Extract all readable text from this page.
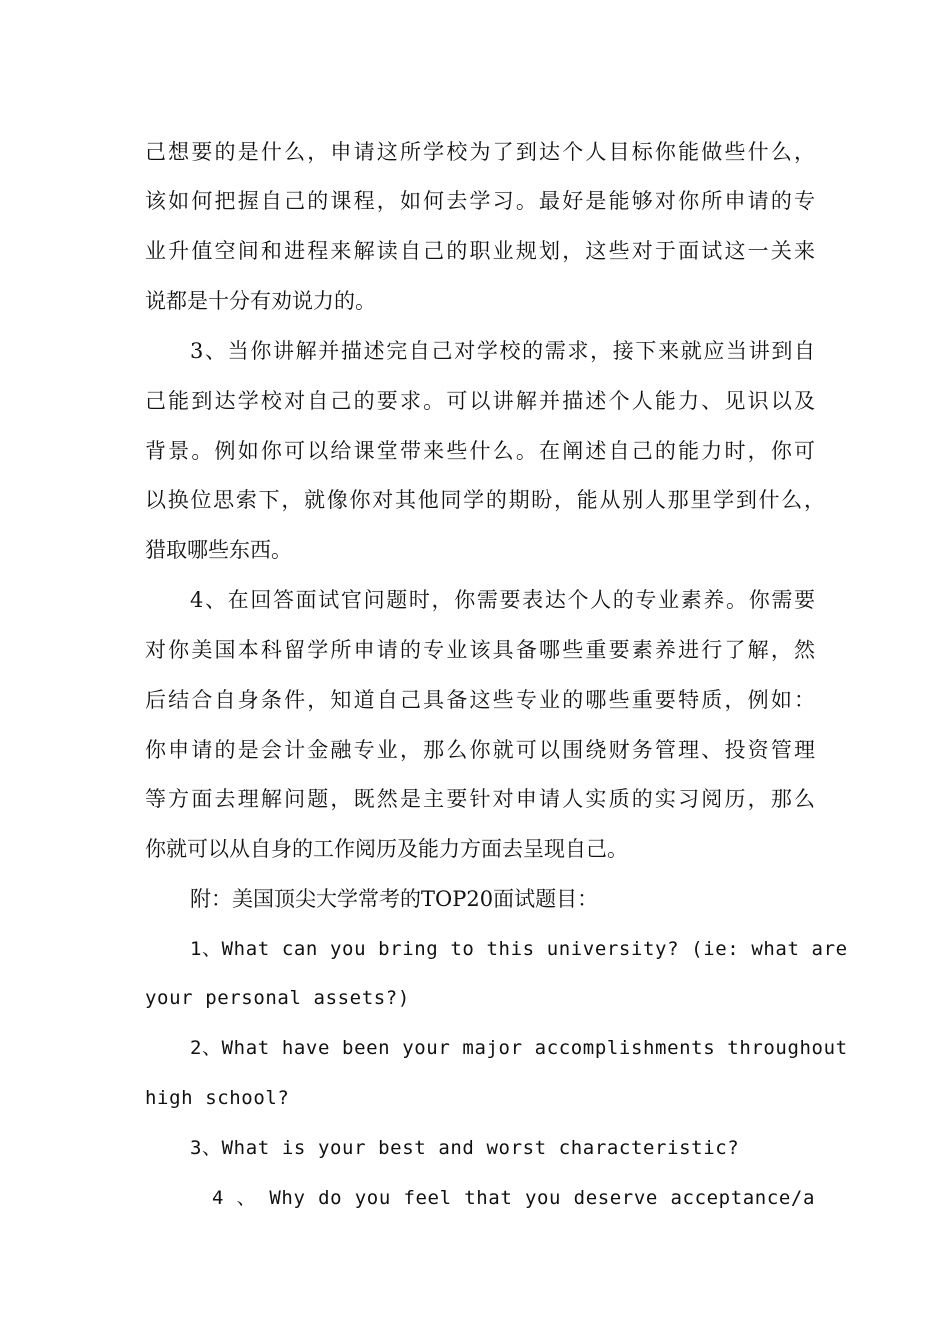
己想要的是什么，申请这所学校为了到达个人目标你能做些什么，
该如何把握自己的课程，如何去学习。最好是能够对你所申请的专
业升值空间和进程来解读自己的职业规划，这些对于面试这一关来
说都是十分有劝说力的。
3、当你讲解并描述完自己对学校的需求，接下来就应当讲到自
己能到达学校对自己的要求。可以讲解并描述个人能力、见识以及
背景。例如你可以给课堂带来些什么。在阐述自己的能力时，你可
以换位思索下，就像你对其他同学的期盼，能从别人那里学到什么，
猎取哪些东西。
4、在回答面试官问题时，你需要表达个人的专业素养。你需要
对你美国本科留学所申请的专业该具备哪些重要素养进行了解，然
后结合自身条件，知道自己具备这些专业的哪些重要特质，例如：
你申请的是会计金融专业，那么你就可以围绕财务管理、投资管理
等方面去理解问题，既然是主要针对申请人实质的实习阅历，那么
你就可以从自身的工作阅历及能力方面去呈现自己。
附：美国顶尖大学常考的TOP20面试题目：
1、What can you bring to this university? (ie: what are
your personal assets?)
2、What have been your major accomplishments throughout
high school?
3、What is your best and worst characteristic?
4 、 Why do you feel that you deserve acceptance/a
